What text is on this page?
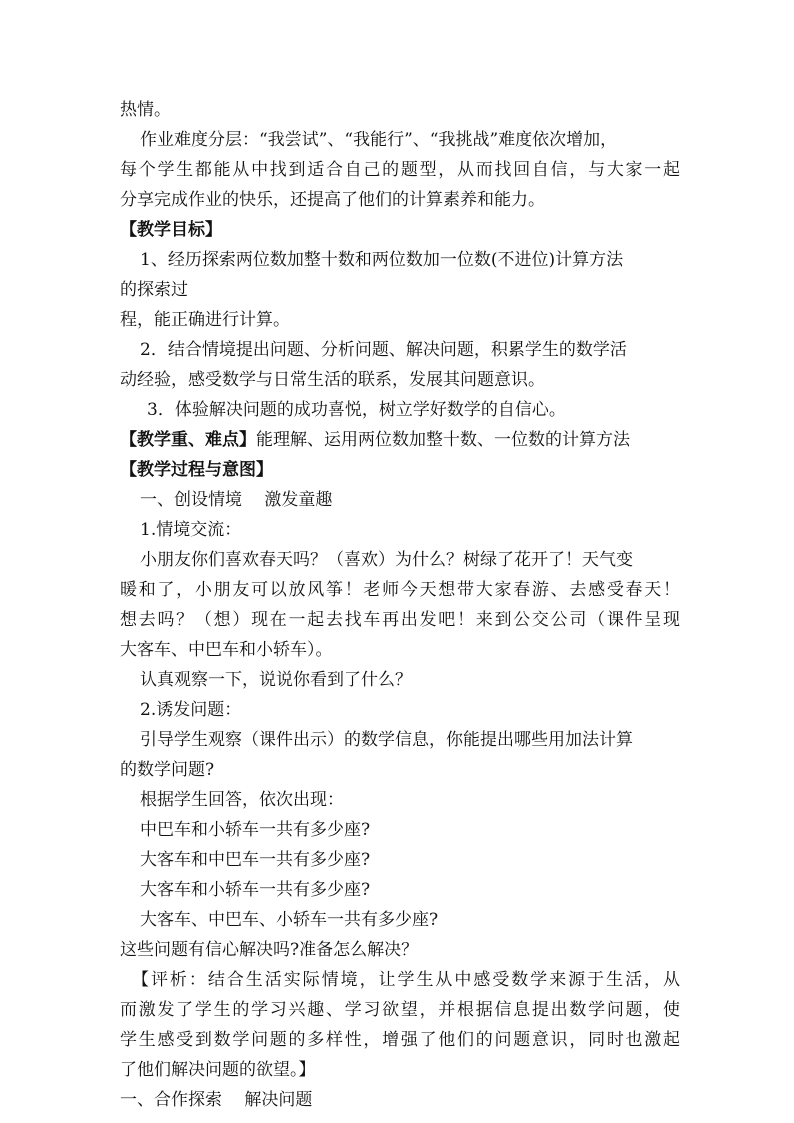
热情。

作业难度分层：“我尝试”、“我能行”、“我挑战”难度依次增加，

每个学生都能从中找到适合自己的题型，从而找回自信，与大家一起

分享完成作业的快乐，还提高了他们的计算素养和能力。

【教学目标】

1、经历探索两位数加整十数和两位数加一位数(不进位)计算方法

的探索过

程，能正确进行计算。

2．结合情境提出问题、分析问题、解决问题，积累学生的数学活

动经验，感受数学与日常生活的联系，发展其问题意识。

3．体验解决问题的成功喜悦，树立学好数学的自信心。

【教学重、难点】能理解、运用两位数加整十数、一位数的计算方法

【教学过程与意图】

一、创设情境　 激发童趣

1.情境交流：

小朋友你们喜欢春天吗？（喜欢）为什么？树绿了花开了！天气变

暖和了，小朋友可以放风筝！老师今天想带大家春游、去感受春天！

想去吗？（想）现在一起去找车再出发吧！来到公交公司（课件呈现

大客车、中巴车和小轿车）。

认真观察一下，说说你看到了什么？

2.诱发问题：

引导学生观察（课件出示）的数学信息，你能提出哪些用加法计算

的数学问题?

根据学生回答，依次出现：

中巴车和小轿车一共有多少座?

大客车和中巴车一共有多少座?

大客车和小轿车一共有多少座?

大客车、中巴车、小轿车一共有多少座?

这些问题有信心解决吗?准备怎么解决？

【评析：结合生活实际情境，让学生从中感受数学来源于生活，从

而激发了学生的学习兴趣、学习欲望，并根据信息提出数学问题，使

学生感受到数学问题的多样性，增强了他们的问题意识，同时也激起

了他们解决问题的欲望。】

一、合作探索　 解决问题
